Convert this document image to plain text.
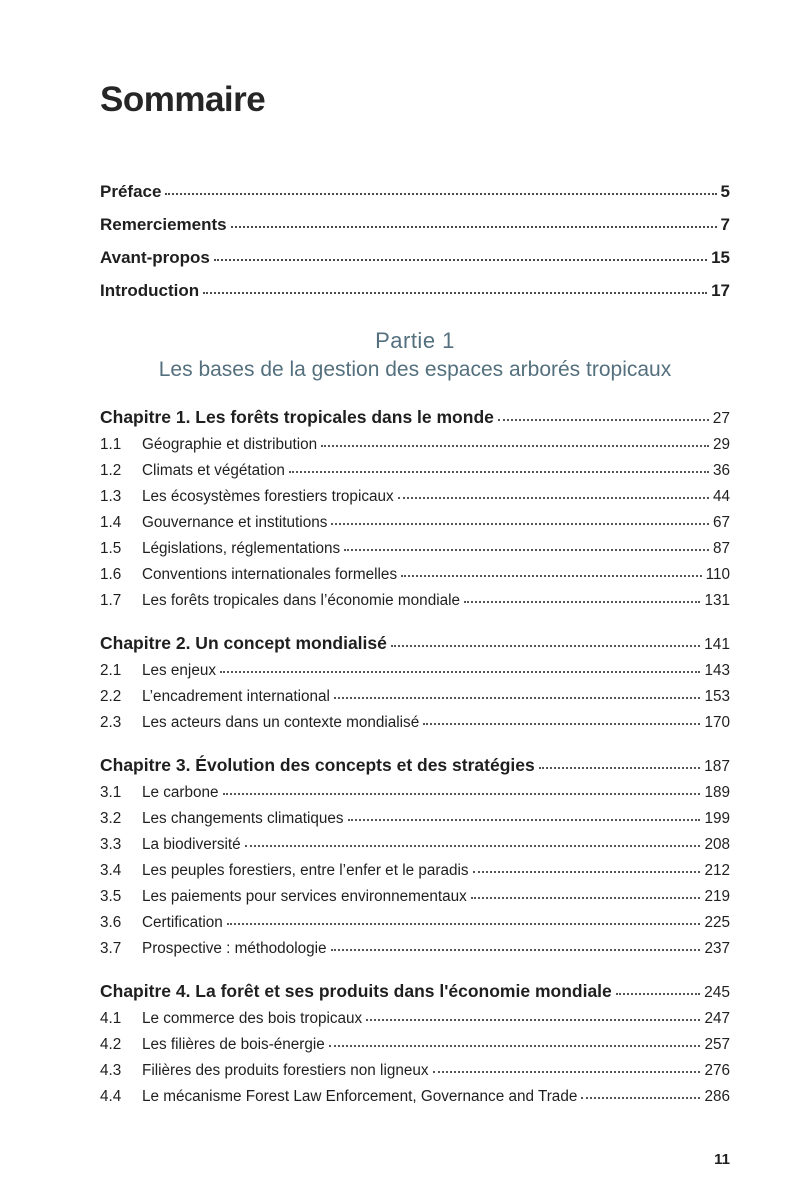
Sommaire
Préface	5
Remerciements	7
Avant-propos	15
Introduction	17
Partie 1
Les bases de la gestion des espaces arborés tropicaux
Chapitre 1. Les forêts tropicales dans le monde	27
1.1	Géographie et distribution	29
1.2	Climats et végétation	36
1.3	Les écosystèmes forestiers tropicaux	44
1.4	Gouvernance et institutions	67
1.5	Législations, réglementations	87
1.6	Conventions internationales formelles	110
1.7	Les forêts tropicales dans l’économie mondiale	131
Chapitre 2. Un concept mondialisé	141
2.1	Les enjeux	143
2.2	L’encadrement international	153
2.3	Les acteurs dans un contexte mondialisé	170
Chapitre 3. Évolution des concepts et des stratégies	187
3.1	Le carbone	189
3.2	Les changements climatiques	199
3.3	La biodiversité	208
3.4	Les peuples forestiers, entre l’enfer et le paradis	212
3.5	Les paiements pour services environnementaux	219
3.6	Certification	225
3.7	Prospective : méthodologie	237
Chapitre 4. La forêt et ses produits dans l'économie mondiale	245
4.1	Le commerce des bois tropicaux	247
4.2	Les filières de bois-énergie	257
4.3	Filières des produits forestiers non ligneux	276
4.4	Le mécanisme Forest Law Enforcement, Governance and Trade	286
11
